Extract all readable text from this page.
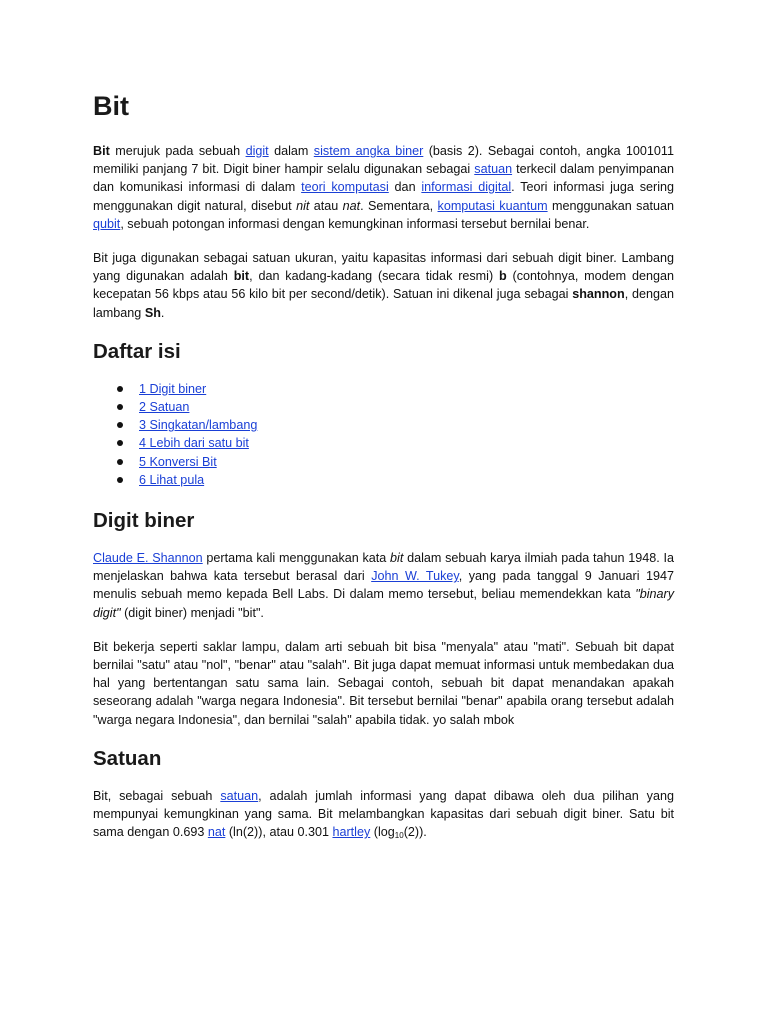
Bit

Bit merujuk pada sebuah digit dalam sistem angka biner (basis 2). Sebagai contoh, angka 1001011 memiliki panjang 7 bit. Digit biner hampir selalu digunakan sebagai satuan terkecil dalam penyimpanan dan komunikasi informasi di dalam teori komputasi dan informasi digital. Teori informasi juga sering menggunakan digit natural, disebut nit atau nat. Sementara, komputasi kuantum menggunakan satuan qubit, sebuah potongan informasi dengan kemungkinan informasi tersebut bernilai benar.

Bit juga digunakan sebagai satuan ukuran, yaitu kapasitas informasi dari sebuah digit biner. Lambang yang digunakan adalah bit, dan kadang-kadang (secara tidak resmi) b (contohnya, modem dengan kecepatan 56 kbps atau 56 kilo bit per second/detik). Satuan ini dikenal juga sebagai shannon, dengan lambang Sh.

Daftar isi
1 Digit biner
2 Satuan
3 Singkatan/lambang
4 Lebih dari satu bit
5 Konversi Bit
6 Lihat pula
Digit biner

Claude E. Shannon pertama kali menggunakan kata bit dalam sebuah karya ilmiah pada tahun 1948. Ia menjelaskan bahwa kata tersebut berasal dari John W. Tukey, yang pada tanggal 9 Januari 1947 menulis sebuah memo kepada Bell Labs. Di dalam memo tersebut, beliau memendekkan kata "binary digit" (digit biner) menjadi "bit".

Bit bekerja seperti saklar lampu, dalam arti sebuah bit bisa "menyala" atau "mati". Sebuah bit dapat bernilai "satu" atau "nol", "benar" atau "salah". Bit juga dapat memuat informasi untuk membedakan dua hal yang bertentangan satu sama lain. Sebagai contoh, sebuah bit dapat menandakan apakah seseorang adalah "warga negara Indonesia". Bit tersebut bernilai "benar" apabila orang tersebut adalah "warga negara Indonesia", dan bernilai "salah" apabila tidak. yo salah mbok

Satuan

Bit, sebagai sebuah satuan, adalah jumlah informasi yang dapat dibawa oleh dua pilihan yang mempunyai kemungkinan yang sama. Bit melambangkan kapasitas dari sebuah digit biner. Satu bit sama dengan 0.693 nat (ln(2)), atau 0.301 hartley $(\log_{10}(2))$.
